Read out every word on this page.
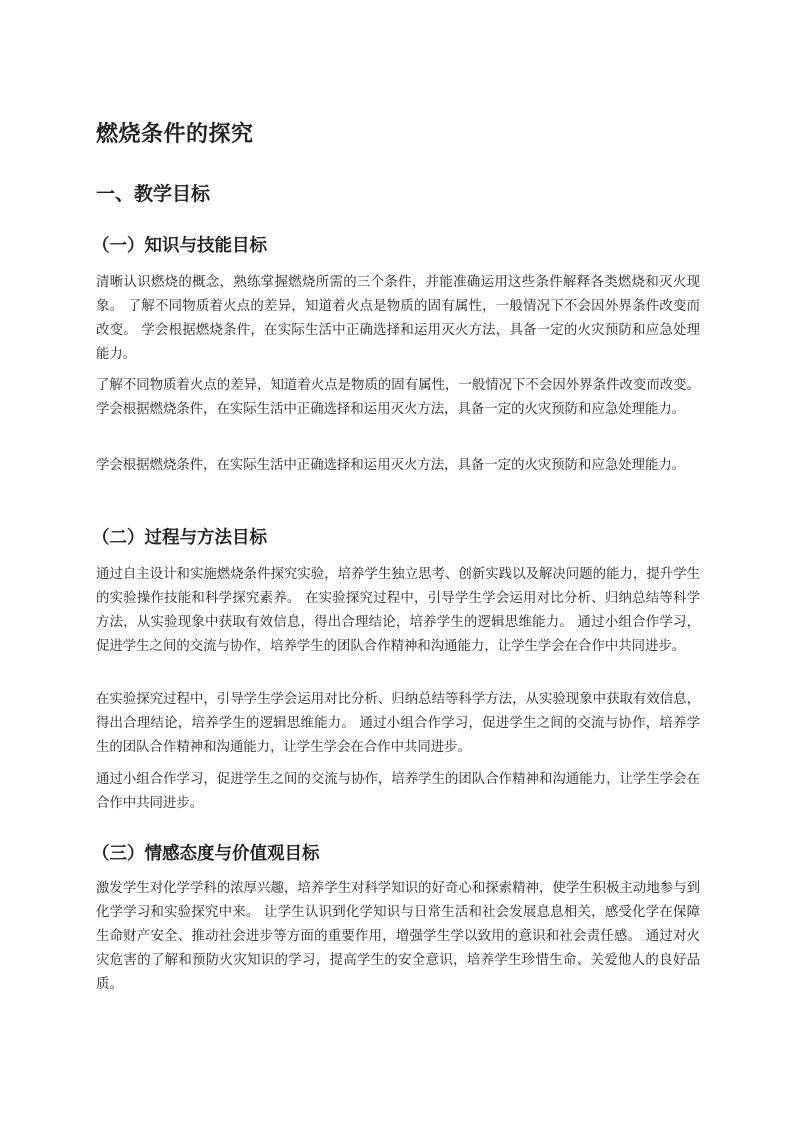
燃烧条件的探究
一、教学目标
（一）知识与技能目标

清晰认识燃烧的概念，熟练掌握燃烧所需的三个条件，并能准确运用这些条件解释各类燃烧和灭火现象。 了解不同物质着火点的差异，知道着火点是物质的固有属性，一般情况下不会因外界条件改变而改变。 学会根据燃烧条件，在实际生活中正确选择和运用灭火方法，具备一定的火灾预防和应急处理能力。

了解不同物质着火点的差异，知道着火点是物质的固有属性，一般情况下不会因外界条件改变而改变。 学会根据燃烧条件，在实际生活中正确选择和运用灭火方法，具备一定的火灾预防和应急处理能力。

学会根据燃烧条件，在实际生活中正确选择和运用灭火方法，具备一定的火灾预防和应急处理能力。

（二）过程与方法目标

通过自主设计和实施燃烧条件探究实验，培养学生独立思考、创新实践以及解决问题的能力，提升学生的实验操作技能和科学探究素养。 在实验探究过程中，引导学生学会运用对比分析、归纳总结等科学方法，从实验现象中获取有效信息，得出合理结论，培养学生的逻辑思维能力。 通过小组合作学习，促进学生之间的交流与协作，培养学生的团队合作精神和沟通能力，让学生学会在合作中共同进步。

在实验探究过程中，引导学生学会运用对比分析、归纳总结等科学方法，从实验现象中获取有效信息，得出合理结论，培养学生的逻辑思维能力。 通过小组合作学习，促进学生之间的交流与协作，培养学生的团队合作精神和沟通能力，让学生学会在合作中共同进步。

通过小组合作学习，促进学生之间的交流与协作，培养学生的团队合作精神和沟通能力，让学生学会在合作中共同进步。

（三）情感态度与价值观目标

激发学生对化学学科的浓厚兴趣，培养学生对科学知识的好奇心和探索精神，使学生积极主动地参与到化学学习和实验探究中来。 让学生认识到化学知识与日常生活和社会发展息息相关，感受化学在保障生命财产安全、推动社会进步等方面的重要作用，增强学生学以致用的意识和社会责任感。 通过对火灾危害的了解和预防火灾知识的学习，提高学生的安全意识，培养学生珍惜生命、关爱他人的良好品质。
